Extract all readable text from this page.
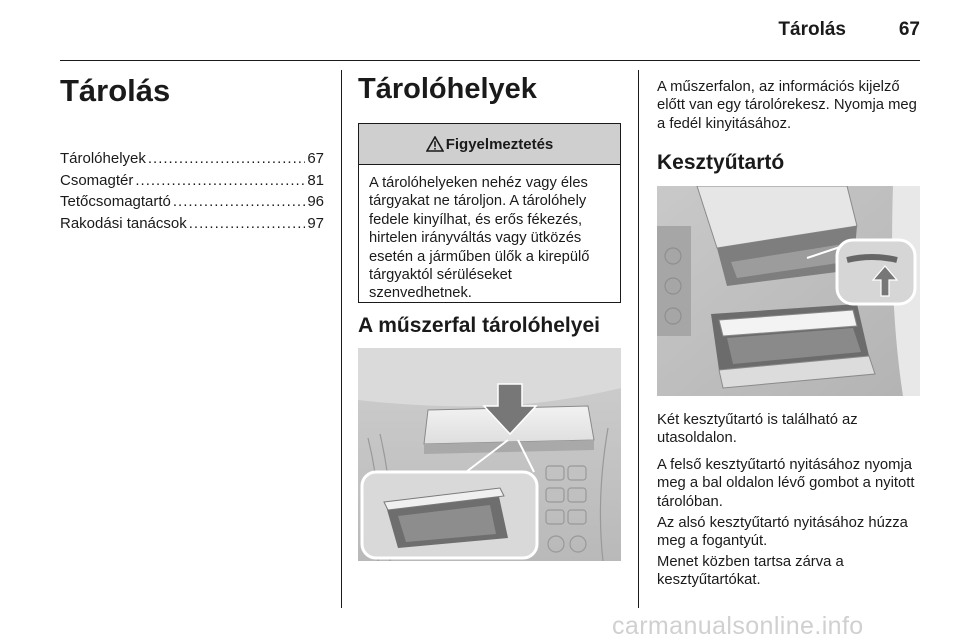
Tárolás	67
Tárolás
Tárolóhelyek .....	67
Csomagtér .....	81
Tetőcsomagtartó .....	96
Rakodási tanácsok .....	97
Tárolóhelyek
Figyelmeztetés
A tárolóhelyeken nehéz vagy éles tárgyakat ne tároljon. A tárolóhely fedele kinyílhat, és erős fékezés, hirtelen irányváltás vagy ütközés esetén a járműben ülők a kirepülő tárgyaktól sérüléseket szenvedhetnek.
A műszerfal tárolóhelyei

A műszerfalon, az információs kijelző előtt van egy tárolórekesz. Nyomja meg a fedél kinyitásához.

Kesztyűtartó

Két kesztyűtartó is található az utasoldalon.

A felső kesztyűtartó nyitásához nyomja meg a bal oldalon lévő gombot a nyitott tárolóban.

Az alsó kesztyűtartó nyitásához húzza meg a fogantyút.

Menet közben tartsa zárva a kesztyűtartókat.

carmanualsonline.info
